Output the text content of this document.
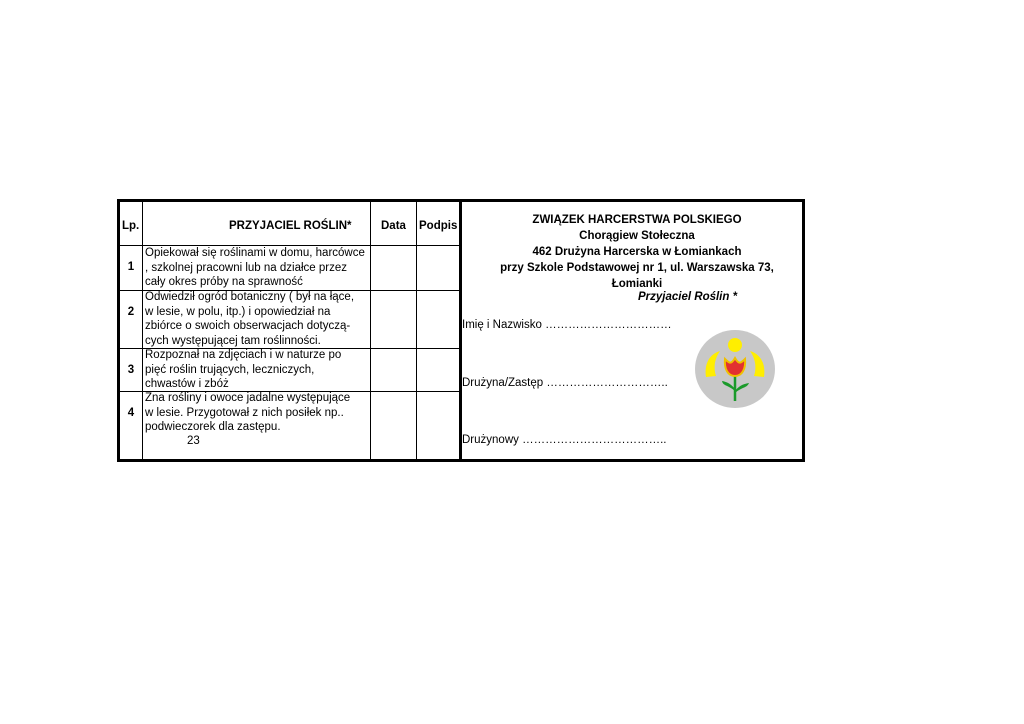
Lp.	PRZYJACIEL ROŚLIN*	Data Podpis
1
Opiekował się roślinami w domu, harcówce
, szkolnej pracowni lub na działce przez
cały okres próby na sprawność
2
Odwiedził ogród botaniczny ( był na łące,
w lesie, w polu, itp.) i opowiedział na
zbiórce o swoich obserwacjach dotyczą-
cych występującej tam roślinności.
3
Rozpoznał na zdjęciach i w naturze po
pięć roślin trujących, leczniczych,
chwastów i zbóż
4
Zna rośliny i owoce jadalne występujące
w lesie. Przygotował z nich posiłek np..
podwieczorek dla zastępu.
23
ZWIĄZEK HARCERSTWA POLSKIEGO
Chorągiew Stołeczna
462 Drużyna Harcerska w Łomiankach
przy Szkole Podstawowej nr 1, ul. Warszawska 73,
Łomianki
Przyjaciel Roślin *
Imię i Nazwisko ……………………………
Drużyna/Zastęp …………………………..
Drużynowy ………………………………..
